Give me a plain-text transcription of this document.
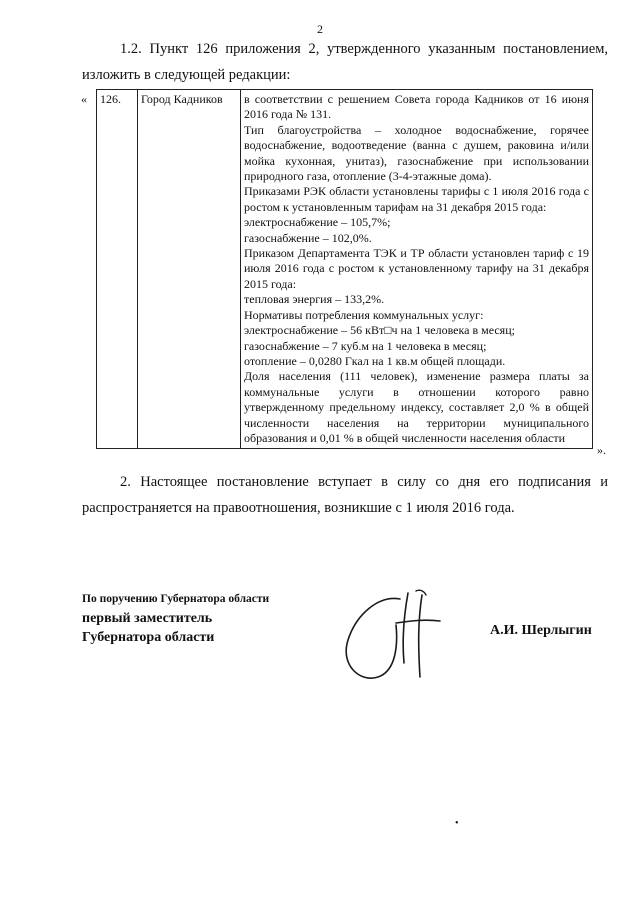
2
1.2. Пункт 126 приложения 2, утвержденного указанным постановлением, изложить в следующей редакции:
« 126.	Город Кадников	в соответствии с решением Совета города Кадников от 16 июня 2016 года № 131.
Тип благоустройства – холодное водоснабжение, горячее водоснабжение, водоотведение (ванна с душем, раковина и/или мойка кухонная, унитаз), газоснабжение при использовании природного газа, отопление (3-4-этажные дома).
Приказами РЭК области установлены тарифы с 1 июля 2016 года с ростом к установленным тарифам на 31 декабря 2015 года:
электроснабжение – 105,7%;
газоснабжение – 102,0%.
Приказом Департамента ТЭК и ТР области установлен тариф с 19 июля 2016 года с ростом к установленному тарифу на 31 декабря 2015 года:
тепловая энергия – 133,2%.
Нормативы потребления коммунальных услуг:
электроснабжение – 56 кВт□ч на 1 человека в месяц;
газоснабжение – 7 куб.м на 1 человека в месяц;
отопление – 0,0280 Гкал на 1 кв.м общей площади.
Доля населения (111 человек), изменение размера платы за коммунальные услуги в отношении которого равно утвержденному предельному индексу, составляет 2,0 % в общей численности населения на территории муниципального образования и 0,01 % в общей численности населения области
».
2. Настоящее постановление вступает в силу со дня его подписания и распространяется на правоотношения, возникшие с 1 июля 2016 года.
По поручению Губернатора области
первый заместитель
Губернатора области	А.И. Шерлыгин
•
